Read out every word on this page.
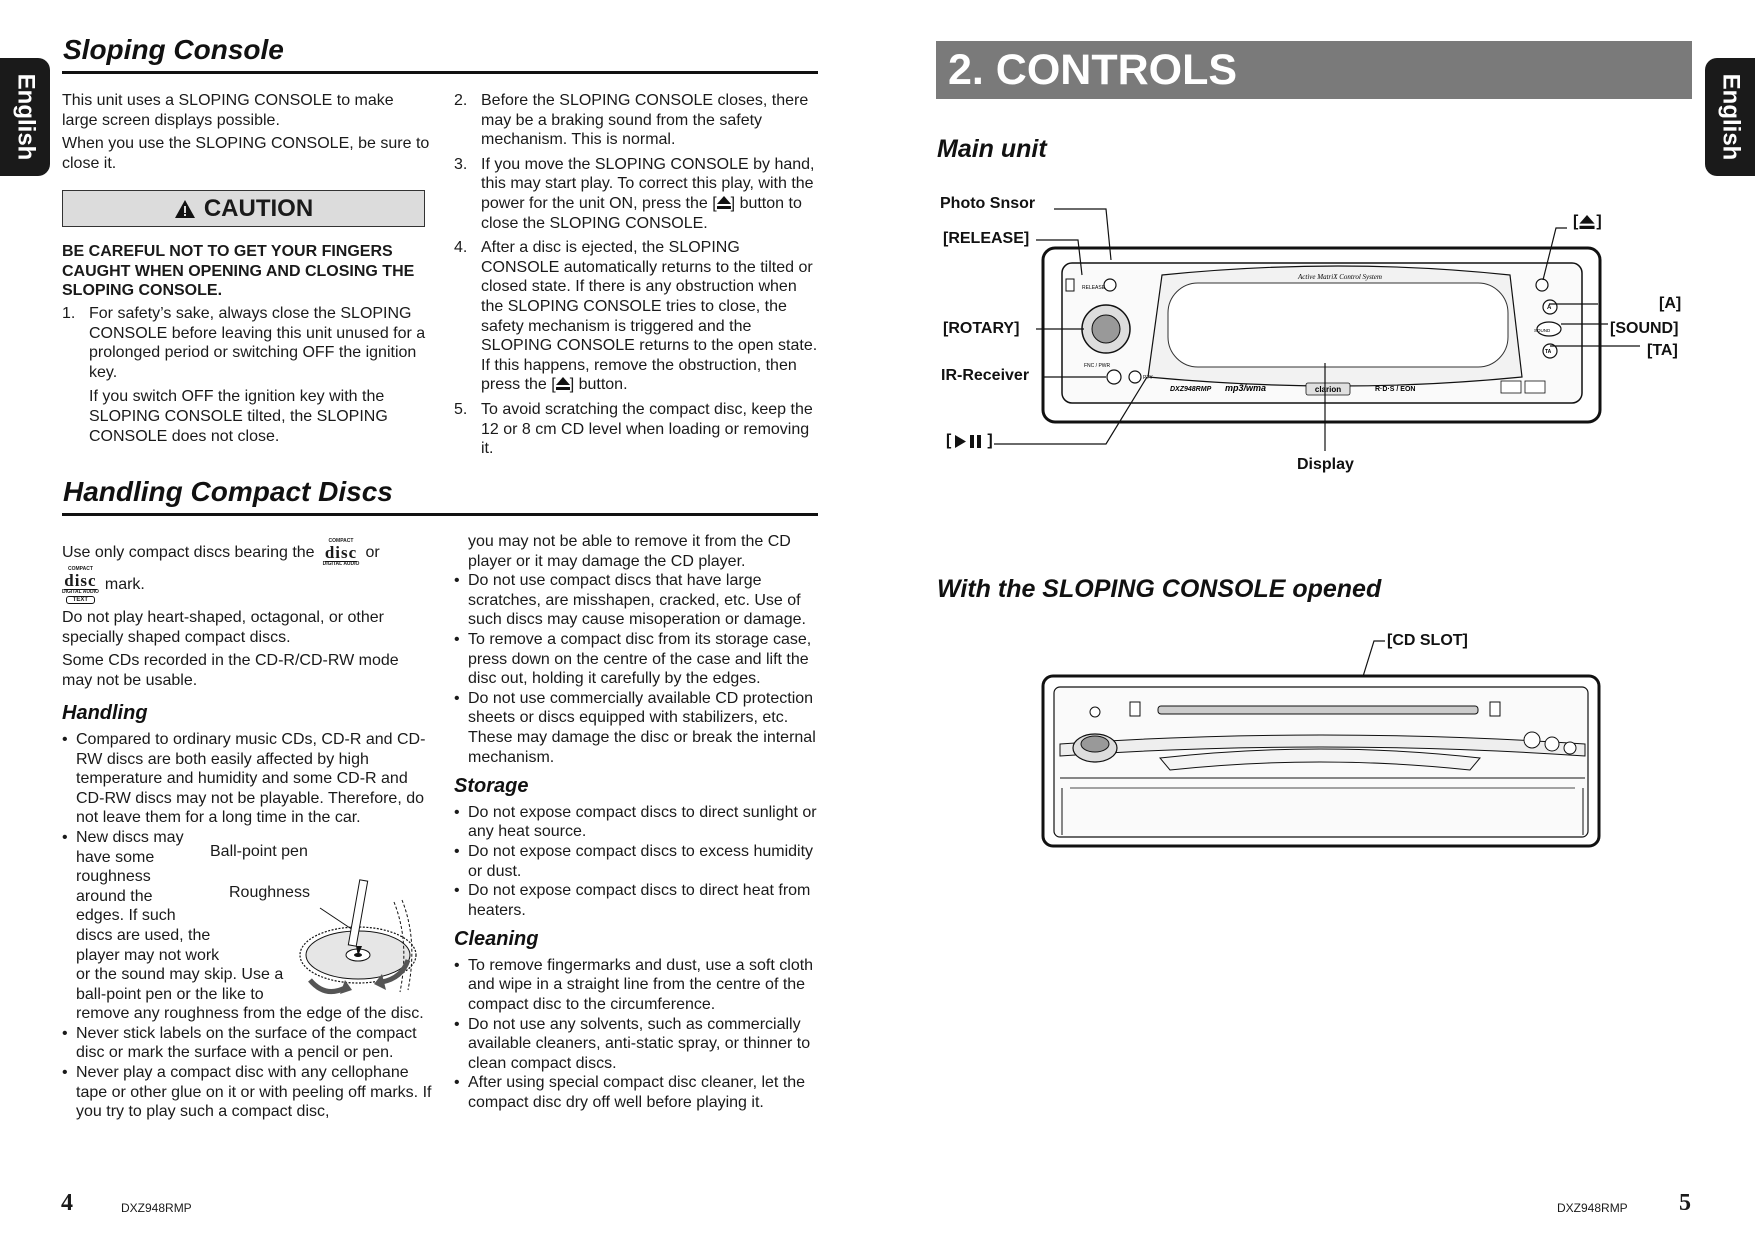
English	English
Sloping Console

This unit uses a SLOPING CONSOLE to make large screen displays possible.

When you use the SLOPING CONSOLE, be sure to close it.

CAUTION
BE CAREFUL NOT TO GET YOUR FINGERS CAUGHT WHEN OPENING AND CLOSING THE SLOPING CONSOLE.
1. For safety’s sake, always close the SLOPING CONSOLE before leaving this unit unused for a prolonged period or switching OFF the ignition key.
If you switch OFF the ignition key with the SLOPING CONSOLE tilted, the SLOPING CONSOLE does not close.
2. Before the SLOPING CONSOLE closes, there may be a braking sound from the safety mechanism. This is normal.
3. If you move the SLOPING CONSOLE by hand, this may start play. To correct this play, with the power for the unit ON, press the [ ] button to close the SLOPING CONSOLE.
4. After a disc is ejected, the SLOPING CONSOLE automatically returns to the tilted or closed state. If there is any obstruction when the SLOPING CONSOLE tries to close, the safety mechanism is triggered and the SLOPING CONSOLE returns to the open state. If this happens, remove the obstruction, then press the [ ] button.
5. To avoid scratching the compact disc, keep the 12 or 8 cm CD level when loading or removing it.
Handling Compact Discs
Use only compact discs bearing the
COMPACT
disc
DIGITAL AUDIO
or
COMPACT
disc
DIGITAL AUDIO
TEXT
mark.

Do not play heart-shaped, octagonal, or other specially shaped compact discs.

Some CDs recorded in the CD-R/CD-RW mode may not be usable.

Handling
• Compared to ordinary music CDs, CD-R and CD-RW discs are both easily affected by high temperature and humidity and some CD-R and CD-RW discs may not be playable. Therefore, do not leave them for a long time in the car.
• New discs may
have some
roughness
around the
edges. If such
discs are used, the
player may not work
or the sound may skip. Use a
ball-point pen or the like to
remove any roughness from the edge of the disc.
• Never stick labels on the surface of the compact disc or mark the surface with a pencil or pen.
• Never play a compact disc with any cellophane tape or other glue on it or with peeling off marks. If you try to play such a compact disc,
Ball-point pen
Roughness
you may not be able to remove it from the CD player or it may damage the CD player.
• Do not use compact discs that have large scratches, are misshapen, cracked, etc. Use of such discs may cause misoperation or damage.
• To remove a compact disc from its storage case, press down on the centre of the case and lift the disc out, holding it carefully by the edges.
• Do not use commercially available CD protection sheets or discs equipped with stabilizers, etc. These may damage the disc or break the internal mechanism.
Storage
• Do not expose compact discs to direct sunlight or any heat source.
• Do not expose compact discs to excess humidity or dust.
• Do not expose compact discs to direct heat from heaters.
Cleaning
• To remove fingermarks and dust, use a soft cloth and wipe in a straight line from the centre of the compact disc to the circumference.
• Do not use any solvents, such as commercially available cleaners, anti-static spray, or thinner to clean compact discs.
• After using special compact disc cleaner, let the compact disc dry off well before playing it.
4	DXZ948RMP
2. CONTROLS
Main unit
Active MatriX Control System
RELEASE
FNC / PWR
PTY
DXZ948RMP mp3/wma	clarion	R·D·S / EON
SOUND
A
TA
Photo Snsor
[RELEASE]
[ROTARY]
IR-Receiver
[ ]
[ ]
[A]
[SOUND]
[TA]
Display
With the SLOPING CONSOLE opened
[CD SLOT]
DXZ948RMP 5
